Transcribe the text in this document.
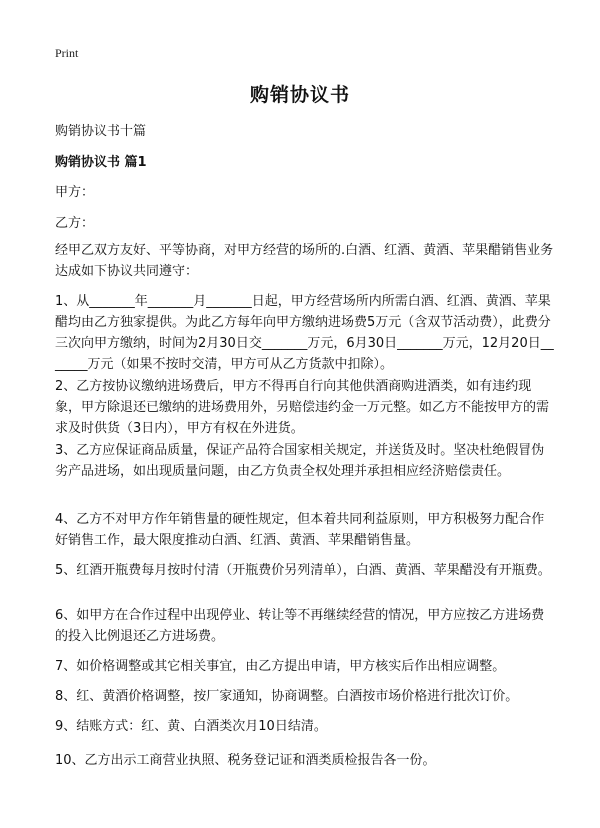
Print
购销协议书
购销协议书十篇
购销协议书 篇1
甲方：
乙方：
经甲乙双方友好、平等协商，对甲方经营的场所的.白酒、红酒、黄酒、苹果醋销售业务达成如下协议共同遵守：
1、从_______年_______月_______日起，甲方经营场所内所需白酒、红酒、黄酒、苹果醋均由乙方独家提供。为此乙方每年向甲方缴纳进场费5万元（含双节活动费），此费分三次向甲方缴纳，时间为2月30日交_______万元，6月30日_______万元，12月20日_______万元（如果不按时交清，甲方可从乙方货款中扣除）。
2、乙方按协议缴纳进场费后，甲方不得再自行向其他供酒商购进酒类，如有违约现象，甲方除退还已缴纳的进场费用外，另赔偿违约金一万元整。如乙方不能按甲方的需求及时供货（3日内），甲方有权在外进货。
3、乙方应保证商品质量，保证产品符合国家相关规定，并送货及时。坚决杜绝假冒伪劣产品进场，如出现质量问题，由乙方负责全权处理并承担相应经济赔偿责任。
4、乙方不对甲方作年销售量的硬性规定，但本着共同利益原则，甲方积极努力配合作好销售工作，最大限度推动白酒、红酒、黄酒、苹果醋销售量。
5、红酒开瓶费每月按时付清（开瓶费价另列清单），白酒、黄酒、苹果醋没有开瓶费。
6、如甲方在合作过程中出现停业、转让等不再继续经营的情况，甲方应按乙方进场费的投入比例退还乙方进场费。
7、如价格调整或其它相关事宜，由乙方提出申请，甲方核实后作出相应调整。
8、红、黄酒价格调整，按厂家通知，协商调整。白酒按市场价格进行批次订价。
9、结账方式：红、黄、白酒类次月10日结清。
10、乙方出示工商营业执照、税务登记证和酒类质检报告各一份。
